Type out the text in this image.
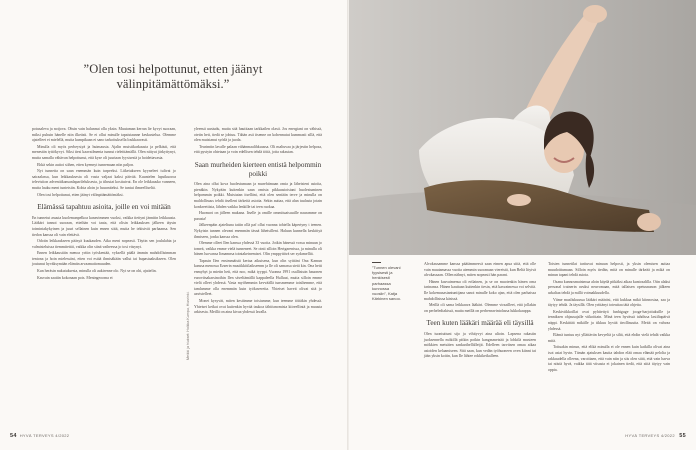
”Olen tosi helpottunut, etten jäänyt välinpitämättömäksi.”

potusaleva ja notjova. Ohsin vain halunnut olla yksin. Muutaman kerran lie kyvyt suoraan, miksi puhuin hänelle niin ilkeästi. Se ei ollut minulle tapaistaanne keskustelua. Olemme ajatelleet ei mielellä, mutta kumpikaan ei sano tarkoituksella loukkaavasti.

Minulla oli myös perheystyä ja huimausta. Ajalin muistikarkausta ja pelkästi, että menestän tyttökyvyt. Siksi tiesi kaavailmenta tunnut rieleittämällä. Olen niityut järkyttynyt, mutta samalla vähävan helpottunut, että kyse oli juuriaan fyysisestä ja hoidettavasta.

Ehkä sekin auttoi siihen, etten kyennyt tunnemaan niin paljon.

Nyt tunnetta on saan enemmän kuin tarpeeksi. Liiketukseen kyyneleet tulivat jo sairaalassa, kun leikkauksesta oli vasta valjaat kaksi päivää. Kuuntelen lapsikuoroa televisiion adventtikansanlaparileluksesta, ja tihrutat kosttuivat. En ole leikkausko vanneen, mutta lauku ment tunteisiin. Kohta aloin jo huuoniteksi. Se tuntui ihmeelliseltä.

Olen tosi helpottunut, etten jäänyt välinpitämättömäksi.

Elämässä tapahtuu asioita, joille en voi mitään

En tunnetut asuuta kuolemanpelkoa kanavimmen vuoksi, vaikka tiettyni jännitin leikkausta. Lääkäri tannoi suoraan, etteihän voi taata, että olisin leikkauksen jälkeen täysin toimintakykyinen ja juuri sellainen kuin ennen siitä, mutta he tekisivät parhaansa. Sen tiedon kanssa oli vain elettävä.

Odotin leikkaukseen pääsyä kuukauden. Aika meni nopeasti. Täytin sen joululahta ja valmisteluissa tiemmitettäi, vaikka olin siinä vaiheessa jo tosi väsynyt.

Ennen leikkaustäin menoa yritin työskentää, vyksellä päälä ämmin mahdollisimman tentona ja hoin mielessäni, etten voi estää ihmisäkään vallut tai bupastaaksikseen. Olen joutunut hyväksymään elämän arvaamattomuuden.

Kun heräsin nukutuksesta, minulla oli aukirenne olo. Nyt se on ohi, ajattelin.

Kasvain saatiin kokonaan pois. Meningeooma ei

yleensä uusiudu, mutta sitä hautitaan tarkkailen olasti. Jos energiani on vähissä, otetin heti, tiedä se johtuu. Tähän asti itsenne on kohennutut kummasti sillä, että olen muistanut syödä ja juoda.

Teurimtin lavalle palaan vähänmaalihkuussa. Oli maltuvaa ja järjestin helposa, että pystyin ohtetaan ja voin edellisen tehdä töitä, jotta rakastan.

Saan murheiden kierteen entistä helpommin poikki

Olen aina ollut kova huolestumaan ja murehtimaan omia ja läheisteni asioita, pienäkin. Nykyään kuitenkin saan omista pikkuasioistani huolestuminen helpommin poikki. Muistutan itselläni, että olen sentään terve ja minulla on maldollisuus tehdä itselleni tärkeitä asioita. Sekin auttaa, että alan tuulasta jotain konkreettista, lähden vaikka lenkille tai teen ruokaa.

Huomori on jälleen mukana. Itselle ja omille ommituaisuuille nauramme on parasta!

Jälkeenpäin ajateltuna tatiin ollä paf ollut vuonna tohtella käpertyny t teenen. Nykyisin tunnen olevani enemmän täsnä läheisilleni. Haluan kunnella keskittyä ihmiseen, jonka kanssa olen.

Olemme olleet Ilen kanssa yhdessä 33 vuotta. Jotkin hänessä vossu minuun jo tomeä, vaikka emme vielä tunneneet. Se ointi silloin Hertgarenissa, ja minulla oli hänen luovansa Itmamnsa tointakeinemiset. Olin ymppyttävä ser sydamelliä.

Tapasin Ilen ensimmäistä kertaa aikuisena, kun olin syittäni Ona Kamun kanssa menossa Ezzerin musiikkitilaikseenm ja lle oli samassa sietä kin. Ona hetti enmyhyt ja mietin heti, että noo, mikä tyyppi. Vuonna 1991 osallistuin hauonen eurovitsakarsinoihin Ilen säveltämällä kappaleella Hulluut, mutta silloin emme vielä olleet yhdessä. Vasta myöhemmin kevväällä tunsmemme toisihemme, että tamlamme olla enemmän kuin työkavereita. Yhteiset haveit olivat sitä jo aavistelleet.

Monet kysyvät, miten kestämme toisiamme, kun teemme töitäkin yhdessä. Yhteiset keikat ovat kuitenkin hyvää taukoa tähtöanomista kiireellintä ja muusta arkisesta. Meillä on aina kivaa yhdessä lavalla.

Meikki ja hiukset: Holkka Kumpu, Hiusrinki.
”Tunnen olevani fyysisesti ja henkisesti parhaassa kunnossa vuosiin”, Katja Kärkinen sanoo.

Alvokassamme kanssa päätämmesvä saan eimen apua siitä, että olle vain muutamassa vuotta aiemmin suoranaan viereistä, kun Beltä lityivä alvokassaan. Ollen nähnyt, miten nopeasti hän parani.

Hänen kasvaimensa oli erilainen, ja se on muotenkin hänen oma tarinansa. Hänen kauttaan kuitenkin tiesin, että kasvaimessa voi selvitä. Ile kokemusasiantuntijana sanoi minulle koko ajan, että olen parhaissa mahdollisissa käsissä.

Meillä oli sama leikkaava lääkäri. Olemme virsailleet, että jollakin on perheledtakissä, mutta meillä on perhenravintolassa lukkokauppa.

Teen kuten lääkäri määrää eli täysillä

Olen tuontuttunt sijo ja vihityvyt aina ulioin. Lapsena rakastin juoksennella mökillä pitkin poikin kangasmetsää ja lohkilä musteen mökkien metsäien sankarihellälleijit. Edelleen tarvitsen omaa aikaa asioiden kelaamiseen. Sitä saan, kun vedän työhuoneen oven kiinni tai jään yksin koitin, kun Ile lähtee rokkikeikalleen.

Toisten tunnetilat tarttuvat minuun helposti, ja yksin olemisen auttaa muudoittumaan. Silloin myös tiedän, mitä on minulle tärkeää ja mikä on minun tapani tehdä asiota.

Osana kunnosmaistmua aloin käydä pitkäksi aikaa kuntosalilla. Otin alaksi personal trainerin avuksi neuvomaan, mitä tallaisen opetusnanon jälkeen urkaltaa tehdä ja millä voimakkuudella.

Viime maaliskuussa lääkäri määräsi, että kukkaa mikä kiinnostaa, saa ja täytyy tehdä. Ja täysillä. Olen yrittänyt toteuttaa tätä ohjetta.

Keskiviikkoillat ovat pyhitettyä funhiguge jooga-harjoituksille ja tenniksen ohjausajalle viikoittain. Minä teen hyvässä tahdissa lastiltapäivä näppi. Keskittää mikälle ja tikkuu hyvää tieollisuutta. Meitä on vahvaa yhdessä.

Elämä tuntuu nyt yllättävän kevyeltä ja siltä, että ehdin vielä tehdä vaikka mitä.

Tottuakin minun, että elikä minulla ei ole ennen kuin kaikilla olivat aina isot asiat hyvin. Tämän ajatuksen kautta tahdon elää omaa elämää pelolta ja rakkaudella olleena, varoittaen, että vain niin ja siis olen siitä, että vain harva tai niistä hyvä, vaikka tätä viisasta ei jokainen tiedä, että siitä täytyy vain oppia.

54 HYVÄ TERVEYS 4/2022	HYVÄ TERVEYS 4/2022 55
